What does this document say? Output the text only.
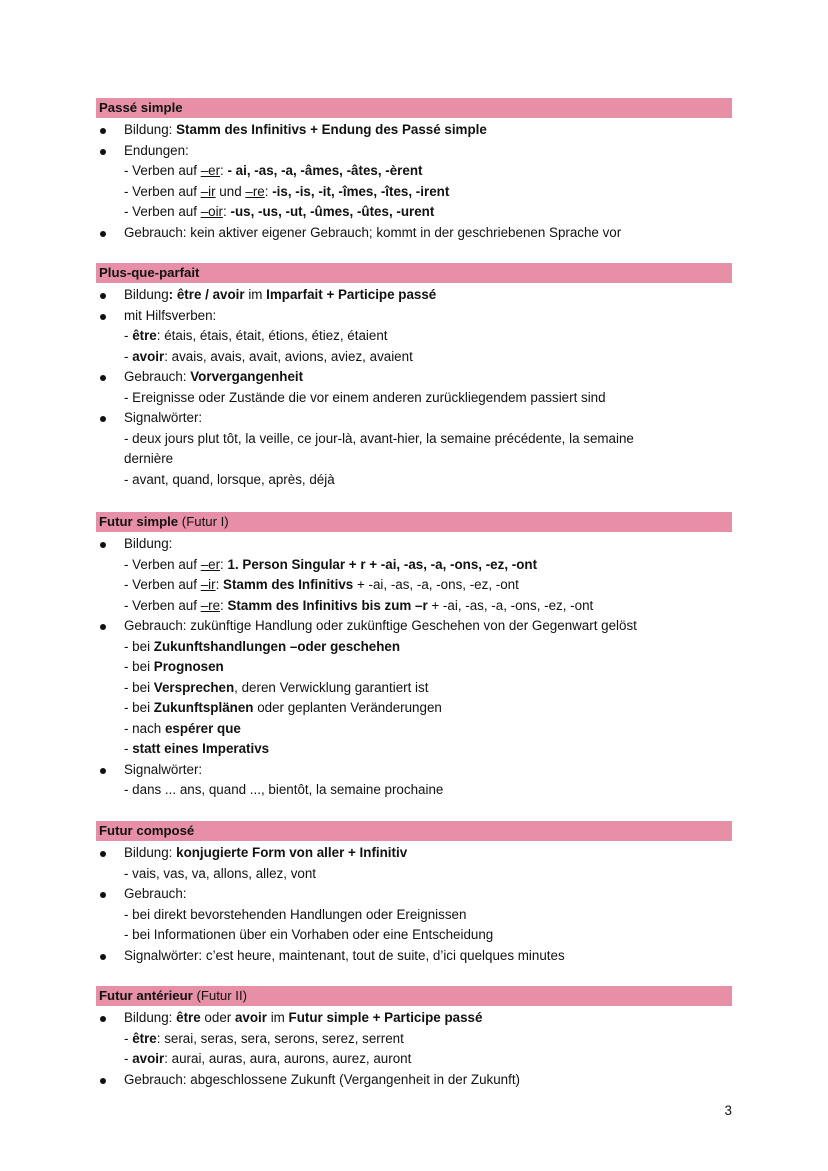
Passé simple
Bildung: Stamm des Infinitivs + Endung des Passé simple
Endungen:
- Verben auf –er: - ai, -as, -a, -âmes, -âtes, -èrent
- Verben auf –ir und –re: -is, -is, -it, -îmes, -îtes, -irent
- Verben auf –oir: -us, -us, -ut, -ûmes, -ûtes, -urent
Gebrauch: kein aktiver eigener Gebrauch; kommt in der geschriebenen Sprache vor
Plus-que-parfait
Bildung: être / avoir im Imparfait + Participe passé
mit Hilfsverben:
- être: étais, étais, était, étions, étiez, étaient
- avoir: avais, avais, avait, avions, aviez, avaient
Gebrauch: Vorvergangenheit
- Ereignisse oder Zustände die vor einem anderen zurückliegendem passiert sind
Signalwörter:
- deux jours plut tôt, la veille, ce jour-là, avant-hier, la semaine précédente, la semaine
dernière
- avant, quand, lorsque, après, déjà
Futur simple (Futur I)
Bildung:
- Verben auf –er: 1. Person Singular + r + -ai, -as, -a, -ons, -ez, -ont
- Verben auf –ir: Stamm des Infinitivs + -ai, -as, -a, -ons, -ez, -ont
- Verben auf –re: Stamm des Infinitivs bis zum –r + -ai, -as, -a, -ons, -ez, -ont
Gebrauch: zukünftige Handlung oder zukünftige Geschehen von der Gegenwart gelöst
- bei Zukunftshandlungen –oder geschehen
- bei Prognosen
- bei Versprechen, deren Verwicklung garantiert ist
- bei Zukunftsplänen oder geplanten Veränderungen
- nach espérer que
- statt eines Imperativs
Signalwörter:
- dans ... ans, quand ..., bientôt, la semaine prochaine
Futur composé
Bildung: konjugierte Form von aller + Infinitiv
- vais, vas, va, allons, allez, vont
Gebrauch:
- bei direkt bevorstehenden Handlungen oder Ereignissen
- bei Informationen über ein Vorhaben oder eine Entscheidung
Signalwörter: c’est heure, maintenant, tout de suite, d’ici quelques minutes
Futur antérieur (Futur II)
Bildung: être oder avoir im Futur simple + Participe passé
- être: serai, seras, sera, serons, serez, serrent
- avoir: aurai, auras, aura, aurons, aurez, auront
Gebrauch: abgeschlossene Zukunft (Vergangenheit in der Zukunft)
3
